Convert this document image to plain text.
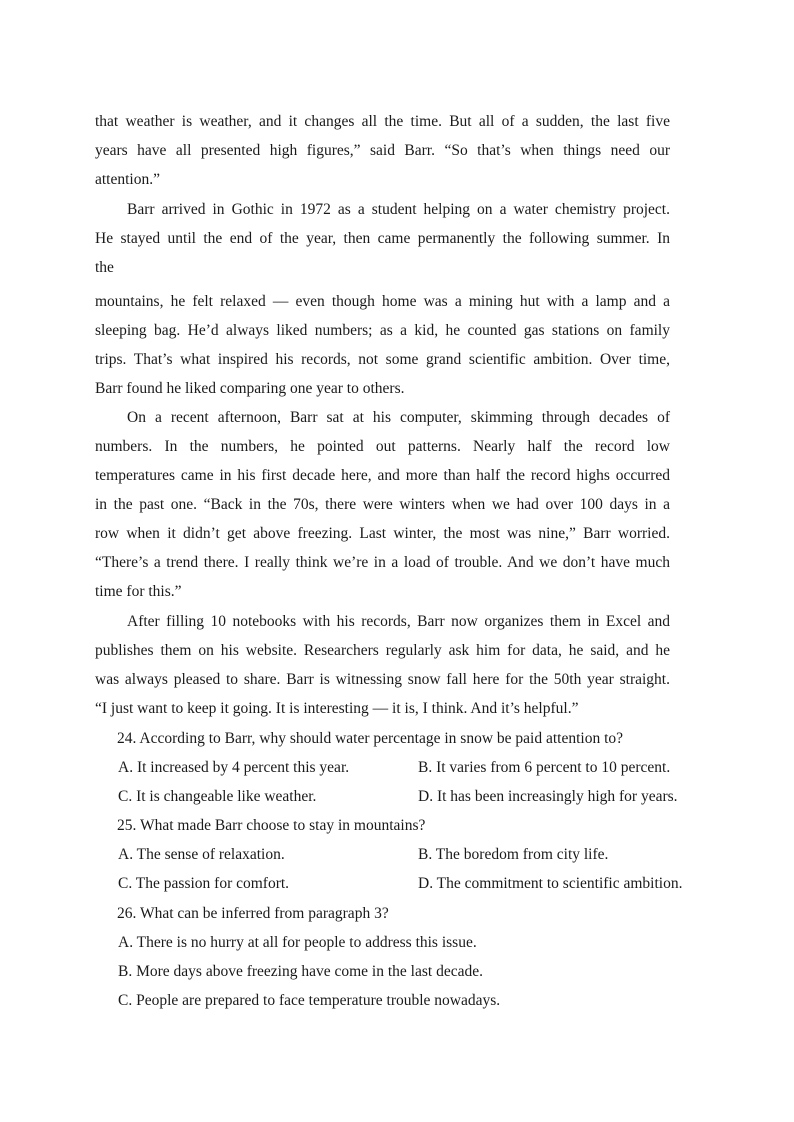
that weather is weather, and it changes all the time. But all of a sudden, the last five
years have all presented high figures,” said Barr. “So that’s when things need our
attention.”
Barr arrived in Gothic in 1972 as a student helping on a water chemistry project.
He stayed until the end of the year, then came permanently the following summer. In
the
mountains, he felt relaxed — even though home was a mining hut with a lamp and a
sleeping bag. He’d always liked numbers; as a kid, he counted gas stations on family
trips. That’s what inspired his records, not some grand scientific ambition. Over time,
Barr found he liked comparing one year to others.
On a recent afternoon, Barr sat at his computer, skimming through decades of
numbers. In the numbers, he pointed out patterns. Nearly half the record low
temperatures came in his first decade here, and more than half the record highs occurred
in the past one. “Back in the 70s, there were winters when we had over 100 days in a
row when it didn’t get above freezing. Last winter, the most was nine,” Barr worried.
“There’s a trend there. I really think we’re in a load of trouble. And we don’t have much
time for this.”
After filling 10 notebooks with his records, Barr now organizes them in Excel and
publishes them on his website. Researchers regularly ask him for data, he said, and he
was always pleased to share. Barr is witnessing snow fall here for the 50th year straight.
“I just want to keep it going. It is interesting — it is, I think. And it’s helpful.”
24. According to Barr, why should water percentage in snow be paid attention to?
A. It increased by 4 percent this year.	B. It varies from 6 percent to 10 percent.
C. It is changeable like weather.	D. It has been increasingly high for years.
25. What made Barr choose to stay in mountains?
A. The sense of relaxation.	B. The boredom from city life.
C. The passion for comfort.	D. The commitment to scientific ambition.
26. What can be inferred from paragraph 3?
A. There is no hurry at all for people to address this issue.
B. More days above freezing have come in the last decade.
C. People are prepared to face temperature trouble nowadays.
